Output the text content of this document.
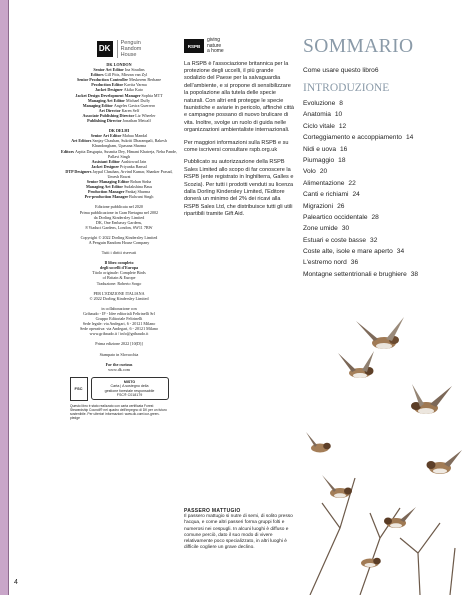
4
DK
Penguin
Random
House

DK LONDON

Senior Art Editor Ina Stradins

Editors Gill Pitts, Miezan van Zyl

Senior Production Controller Meskerem Berhane

Production Editor Kavita Varma

Jacket Designer Akiko Kato

Jacket Design Development Manager Sophia MTT

Managing Art Editor Michael Duffy

Managing Editor Angeles Gavira Guerrero

Art Director Karen Self

Associate Publishing Director Liz Wheeler

Publishing Director Jonathan Metcalf

DK DELHI

Senior Art Editor Mahua Mandal

Art Editors Sanjay Chauhan, Sukriti Dharampali, Rakesh Khundongbam, Upasana Sharma

Editors Arpita Dasgupta, Susmita Dey, Himani Khatreja, Neha Pande, Pallavi Singh

Assistant Editor Aashirwad Jain

Jacket Designer Priyanka Bansal

DTP Designers Jaypal Chauhan, Arvind Kumar, Shanker Prasad, Umesh Rawat

Senior Managing Editor Rohan Sinha

Managing Art Editor Sudakshina Basu

Production Manager Pankaj Sharma

Pre-production Manager Balwant Singh

Edizione pubblicata nel 2020

Prima pubblicazione in Gran Bretagna nel 2002

da Dorling Kindersley Limited

DK, One Embassy Gardens,

8 Viaduct Gardens, London, SW11 7BW

Copyright © 2022 Dorling Kindersley Limited

A Penguin Random House Company

Tutti i diritti riservati

Il libro completo

degli uccelli d'Europa

Titolo originale: Complete Birds

of Britain & Europe

Traduzione: Roberto Sorgo

PER L'EDIZIONE ITALIANA

© 2022 Dorling Kindersley Limited

in collaborazione con

Gribaudo - IF - Idee editoriali Feltrinelli Srl

Gruppo Editoriale Feltrinelli

Sede legale: via Andegari, 6 - 20121 Milano

Sede operativa: via Andegari, 6 - 20121 Milano

www.gribaudo.it / info@gribaudo.it

Prima edizione 2022 [10(D)]

Stampato in Slovacchia

For the curious

www.dk.com

FSC
MISTO
Carta | A sostegno della
gestione forestale responsabile
FSC® C018179
Questo libro è stato realizzato con carta certificata Forest Stewardship Council® nel quadro dell'impegno di DK per un futuro sostenibile. Per ulteriori informazioni: www.dk.com/our-green-pledge
RSPB
giving
nature
a home

La RSPB è l'associazione britannica per la protezione degli uccelli, il più grande sodalizio del Paese per la salvaguardia dell'ambiente, e si propone di sensibilizzare la popolazione alla tutela delle specie naturali. Con altri enti protegge le specie faunistiche e aviarie in pericolo, affinché città e campagne possano di nuovo brulicare di vita. Inoltre, svolge un ruolo di guida nelle organizzazioni ambientaliste internazionali.

Per maggiori informazioni sulla RSPB e su come iscriversi consultare rspb.org.uk

Pubblicato su autorizzazione della RSPB Sales Limited allo scopo di far conoscere la RSPB (ente registrato in Inghilterra, Galles e Scozia). Per tutti i prodotti venduti su licenza dalla Dorling Kindersley Limited, l'Editore donerà un minimo del 2% dei ricavi alla RSPB Sales Ltd, che distribuisce tutti gli utili ripartibili tramite Gift Aid.

SOMMARIO
Come usare questo libro6
INTRODUZIONE
Evoluzione 8
Anatomia 10
Ciclo vitale 12
Corteggiamento e accoppiamento 14
Nidi e uova 16
Piumaggio 18
Volo 20
Alimentazione 22
Canti e richiami 24
Migrazioni 26
Paleartico occidentale 28
Zone umide 30
Estuari e coste basse 32
Coste alte, isole e mare aperto 34
L'estremo nord 36
Montagne settentrionali e brughiere 38
PASSERO MATTUGIO
Il passero mattugio si nutre di semi, di solito presso l'acqua, e come altri passeri forma gruppi folti e numerosi nei cespugli. In alcuni luoghi è diffuso e comune perciò, dato il suo modo di vivere relativamente poco specializzato, in altri luoghi è difficile cogliere un grave declino.
